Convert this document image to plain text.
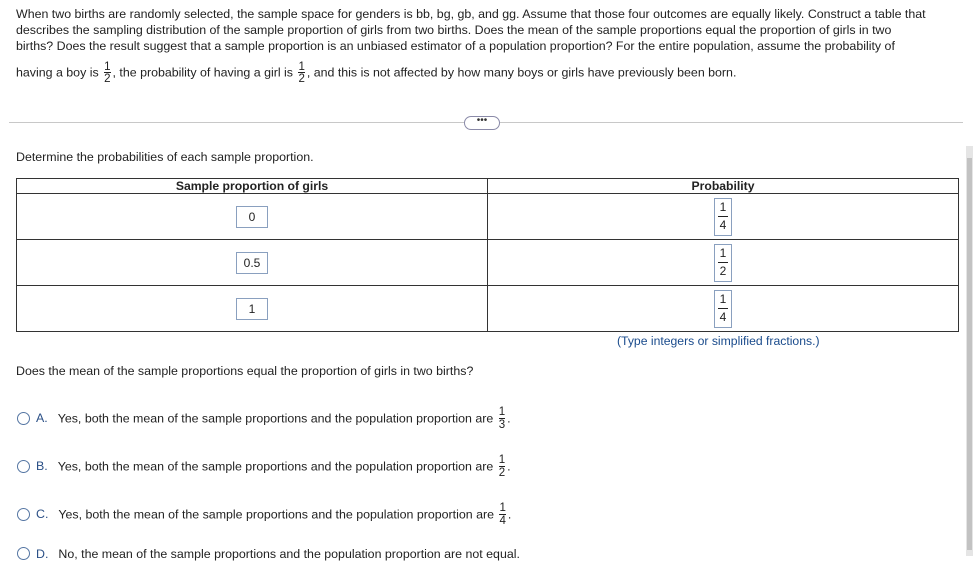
When two births are randomly selected, the sample space for genders is bb, bg, gb, and gg. Assume that those four outcomes are equally likely. Construct a table that
describes the sampling distribution of the sample proportion of girls from two births. Does the mean of the sample proportions equal the proportion of girls in two
births? Does the result suggest that a sample proportion is an unbiased estimator of a population proportion? For the entire population, assume the probability of
having a boy is $\frac{1}{2}$ , the probability of having a girl is $\frac{1}{2}$ , and this is not affected by how many boys or girls have previously been born.
•••
Determine the probabilities of each sample proportion.
Sample proportion of girls	Probability

0	1
4

0.5	1
2

1	1
4
(Type integers or simplified fractions.)
Does the mean of the sample proportions equal the proportion of girls in two births?
A. Yes, both the mean of the sample proportions and the population proportion are $\frac{1}{3}$ .
B. Yes, both the mean of the sample proportions and the population proportion are $\frac{1}{2}$ .
C. Yes, both the mean of the sample proportions and the population proportion are $\frac{1}{4}$ .
D. No, the mean of the sample proportions and the population proportion are not equal.
